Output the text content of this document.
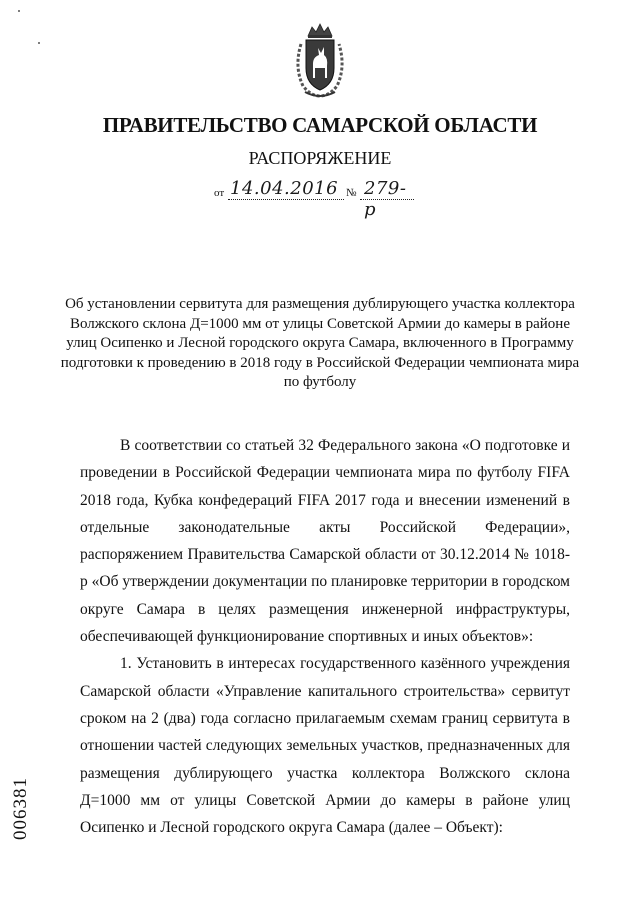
ПРАВИТЕЛЬСТВО САМАРСКОЙ ОБЛАСТИ
РАСПОРЯЖЕНИЕ
от 14.04.2016 № 279-р
Об установлении сервитута для размещения дублирующего участка коллектора Волжского склона Д=1000 мм от улицы Советской Армии до камеры в районе улиц Осипенко и Лесной городского округа Самара, включенного в Программу подготовки к проведению в 2018 году в Российской Федерации чемпионата мира по футболу

В соответствии со статьей 32 Федерального закона «О подготовке и проведении в Российской Федерации чемпионата мира по футболу FIFA 2018 года, Кубка конфедераций FIFA 2017 года и внесении изменений в отдельные законодательные акты Российской Федерации», распоряжением Правительства Самарской области от 30.12.2014 № 1018-р «Об утверждении документации по планировке территории в городском округе Самара в целях размещения инженерной инфраструктуры, обеспечивающей функционирование спортивных и иных объектов»:

1. Установить в интересах государственного казённого учреждения Самарской области «Управление капитального строительства» сервитут сроком на 2 (два) года согласно прилагаемым схемам границ сервитута в отношении частей следующих земельных участков, предназначенных для размещения дублирующего участка коллектора Волжского склона Д=1000 мм от улицы Советской Армии до камеры в районе улиц Осипенко и Лесной городского округа Самара (далее – Объект):

006381
